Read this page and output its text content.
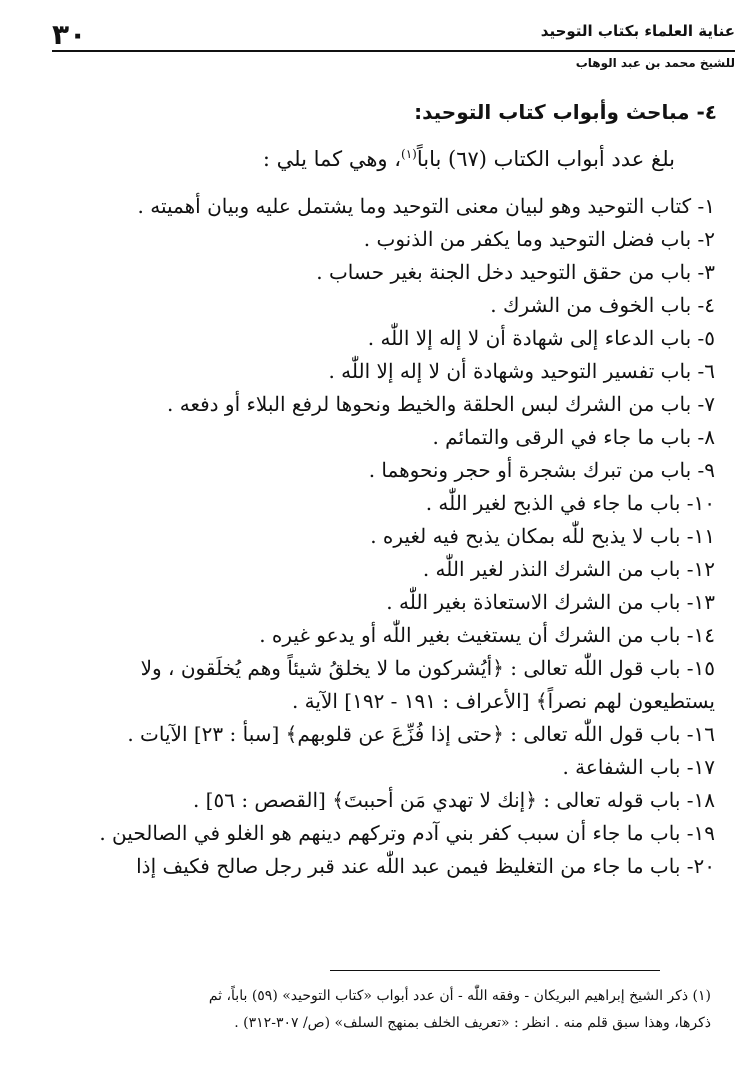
٣٠	عناية العلماء بكتاب التوحيد
للشيخ محمد بن عبد الوهاب
٤- مباحث وأبواب كتاب التوحيد:
بلغ عدد أبواب الكتاب (٦٧) باباً$^{(١)}$، وهي كما يلي :
١- كتاب التوحيد وهو لبيان معنى التوحيد وما يشتمل عليه وبيان أهميته .
٢- باب فضل التوحيد وما يكفر من الذنوب .
٣- باب من حقق التوحيد دخل الجنة بغير حساب .
٤- باب الخوف من الشرك .
٥- باب الدعاء إلى شهادة أن لا إله إلا اللّٰه .
٦- باب تفسير التوحيد وشهادة أن لا إله إلا اللّٰه .
٧- باب من الشرك لبس الحلقة والخيط ونحوها لرفع البلاء أو دفعه .
٨- باب ما جاء في الرقى والتمائم .
٩- باب من تبرك بشجرة أو حجر ونحوهما .
١٠- باب ما جاء في الذبح لغير اللّٰه .
١١- باب لا يذبح للّٰه بمكان يذبح فيه لغيره .
١٢- باب من الشرك النذر لغير اللّٰه .
١٣- باب من الشرك الاستعاذة بغير اللّٰه .
١٤- باب من الشرك أن يستغيث بغير اللّٰه أو يدعو غيره .
١٥- باب قول اللّٰه تعالى : ﴿أيُشركون ما لا يخلقُ شيئاً وهم يُخلَقون ، ولا
يستطيعون لهم نصراً﴾ [الأعراف : ١٩١ - ١٩٢] الآية .
١٦- باب قول اللّٰه تعالى : ﴿حتى إذا فُزِّعَ عن قلوبهم﴾ [سبأ : ٢٣] الآيات .
١٧- باب الشفاعة .
١٨- باب قوله تعالى : ﴿إنك لا تهدي مَن أحببتَ﴾ [القصص : ٥٦] .
١٩- باب ما جاء أن سبب كفر بني آدم وتركهم دينهم هو الغلو في الصالحين .
٢٠- باب ما جاء من التغليظ فيمن عبد اللّٰه عند قبر رجل صالح فكيف إذا
(١) ذكر الشيخ إبراهيم البريكان - وفقه اللّٰه - أن عدد أبواب «كتاب التوحيد» (٥٩) باباً، ثم
ذكرها، وهذا سبق قلم منه . انظر : «تعريف الخلف بمنهج السلف» (ص/ ٣٠٧-٣١٢) .
